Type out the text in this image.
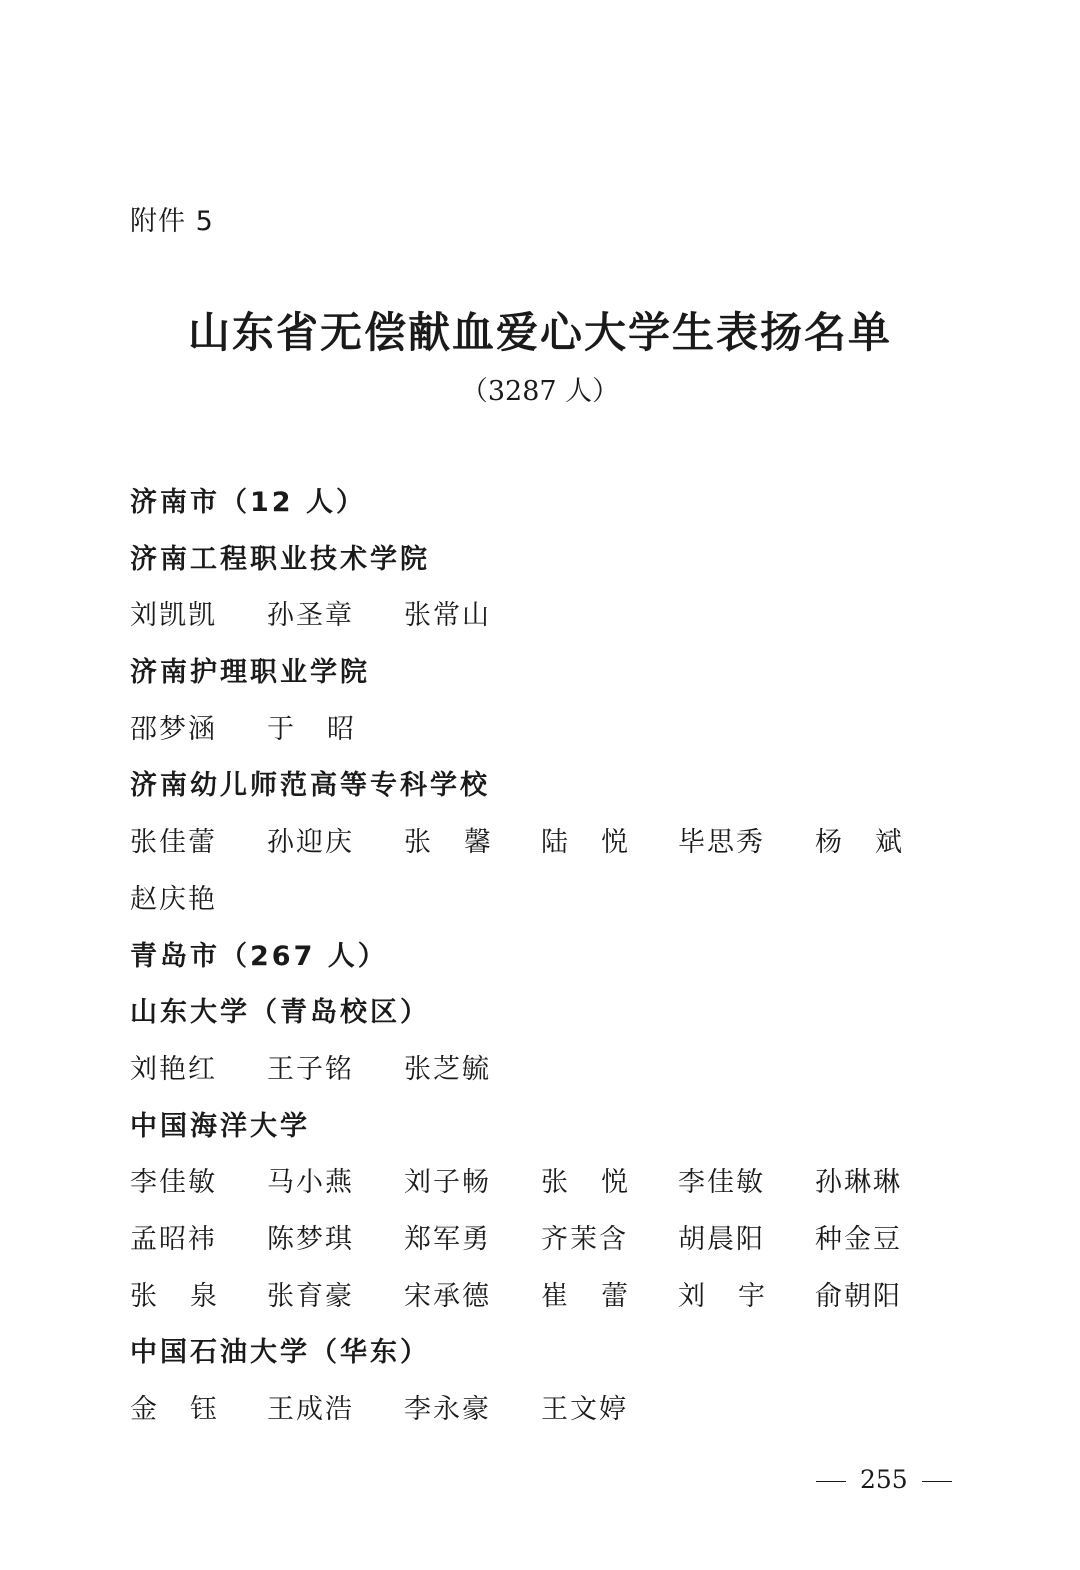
附件 5
山东省无偿献血爱心大学生表扬名单
（3287 人）
济南市（12 人）
济南工程职业技术学院
刘凯凯 孙圣章 张常山
济南护理职业学院
邵梦涵 于昭
济南幼儿师范高等专科学校
张佳蕾 孙迎庆 张馨 陆悦 毕思秀 杨斌
赵庆艳
青岛市（267 人）
山东大学（青岛校区）
刘艳红 王子铭 张芝毓
中国海洋大学
李佳敏 马小燕 刘子畅 张悦 李佳敏 孙琳琳
孟昭祎 陈梦琪 郑军勇 齐茉含 胡晨阳 种金豆
张泉 张育豪 宋承德 崔蕾 刘宇 俞朝阳
中国石油大学（华东）
金钰 王成浩 李永豪 王文婷
255
